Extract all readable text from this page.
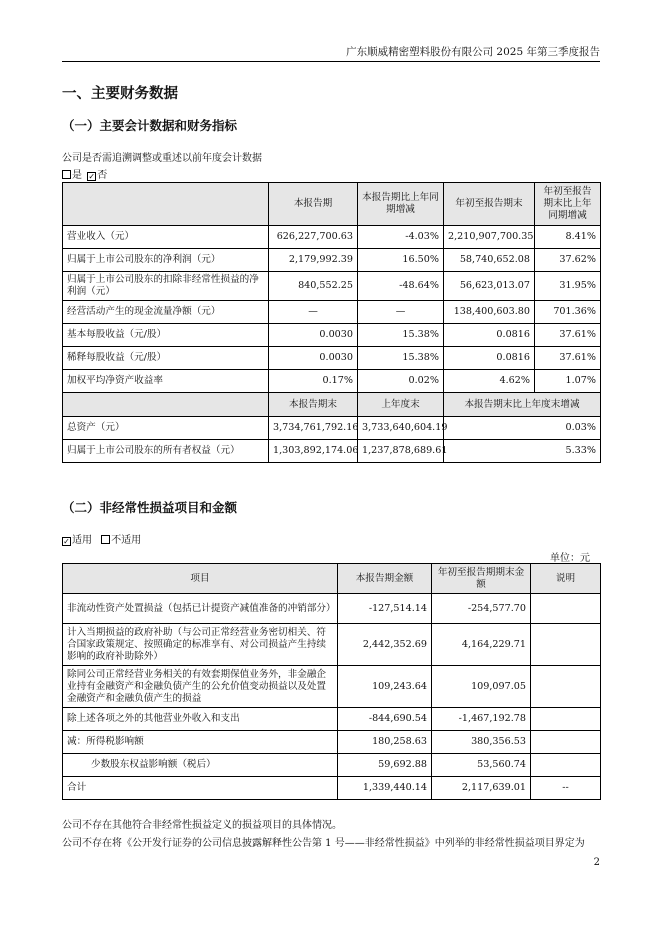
广东顺威精密塑料股份有限公司 2025 年第三季度报告
一、主要财务数据
（一）主要会计数据和财务指标
公司是否需追溯调整或重述以前年度会计数据
是 ✓ 否
	本报告期	本报告期比上年同期增减	年初至报告期末	年初至报告期末比上年同期增减
营业收入（元）	626,227,700.63	-4.03%	2,210,907,700.35	8.41%
归属于上市公司股东的净利润（元）	2,179,992.39	16.50%	58,740,652.08	37.62%
归属于上市公司股东的扣除非经常性损益的净利润（元）	840,552.25	-48.64%	56,623,013.07	31.95%
经营活动产生的现金流量净额（元）	—	—	138,400,603.80	701.36%
基本每股收益（元/股）	0.0030	15.38%	0.0816	37.61%
稀释每股收益（元/股）	0.0030	15.38%	0.0816	37.61%
加权平均净资产收益率	0.17%	0.02%	4.62%	1.07%
	本报告期末	上年度末	本报告期末比上年度末增减	
总资产（元）	3,734,761,792.16	3,733,640,604.19	0.03%	
归属于上市公司股东的所有者权益（元）	1,303,892,174.06	1,237,878,689.61	5.33%	
（二）非经常性损益项目和金额
✓ 适用 不适用
单位：元
项目	本报告期金额	年初至报告期期末金额	说明
非流动性资产处置损益（包括已计提资产减值准备的冲销部分）	-127,514.14	-254,577.70	
计入当期损益的政府补助（与公司正常经营业务密切相关、符合国家政策规定、按照确定的标准享有、对公司损益产生持续影响的政府补助除外）	2,442,352.69	4,164,229.71	
除同公司正常经营业务相关的有效套期保值业务外，非金融企业持有金融资产和金融负债产生的公允价值变动损益以及处置金融资产和金融负债产生的损益	109,243.64	109,097.05	
除上述各项之外的其他营业外收入和支出	-844,690.54	-1,467,192.78	
减：所得税影响额	180,258.63	380,356.53	
少数股东权益影响额（税后）	59,692.88	53,560.74	
合计	1,339,440.14	2,117,639.01	--
公司不存在其他符合非经常性损益定义的损益项目的具体情况。
公司不存在将《公开发行证券的公司信息披露解释性公告第 1 号——非经常性损益》中列举的非经常性损益项目界定为
2
